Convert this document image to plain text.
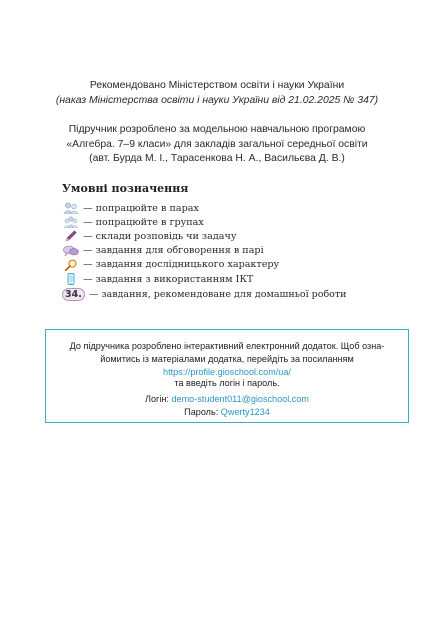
Рекомендовано Міністерством освіти і науки України
(наказ Міністерства освіти і науки України від 21.02.2025 № 347)
Підручник розроблено за модельною навчальною програмою
«Алгебра. 7–9 класи» для закладів загальної середньої освіти
(авт. Бурда М. І., Тарасенкова Н. А., Васильєва Д. В.)
Умовні позначення
— попрацюйте в парах
— попрацюйте в групах
— склади розповідь чи задачу
— завдання для обговорення в парі
— завдання дослідницького характеру
— завдання з використанням ІКТ
34. — завдання, рекомендоване для домашньої роботи
До підручника розроблено інтерактивний електронний додаток. Щоб озна-
йомитись із матеріалами додатка, перейдіть за посиланням
https://profile.gioschool.com/ua/
та введіть логін і пароль.
Логін: demo-student011@gioschool.com
Пароль: Qwerty1234
